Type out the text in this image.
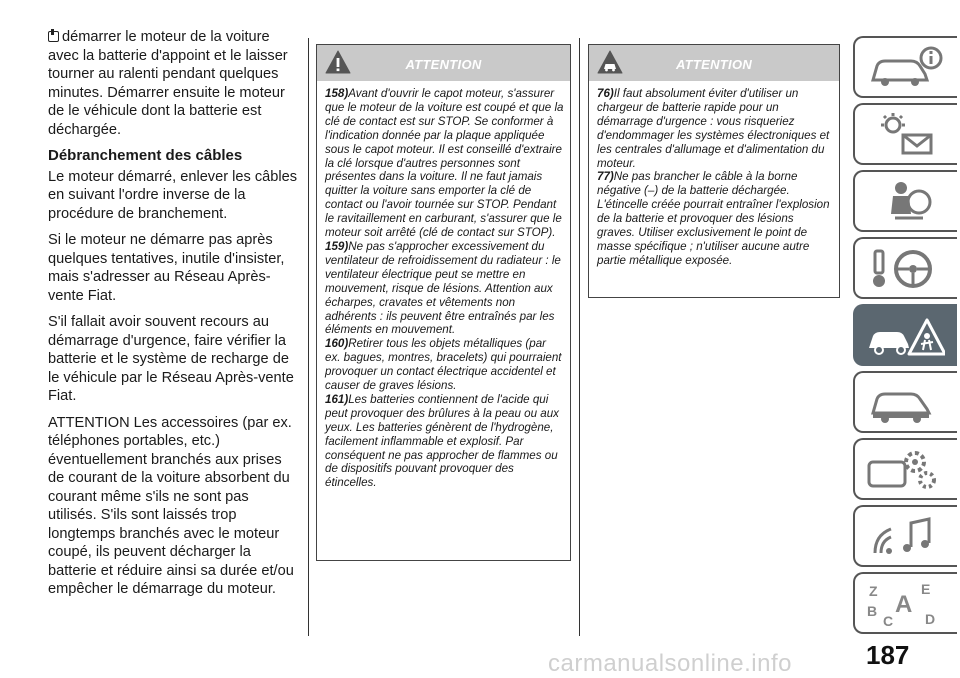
démarrer le moteur de la voiture avec la batterie d'appoint et le laisser tourner au ralenti pendant quelques minutes. Démarrer ensuite le moteur de le véhicule dont la batterie est déchargée.

Débranchement des câbles

Le moteur démarré, enlever les câbles en suivant l'ordre inverse de la procédure de branchement.

Si le moteur ne démarre pas après quelques tentatives, inutile d'insister, mais s'adresser au Réseau Après-vente Fiat.

S'il fallait avoir souvent recours au démarrage d'urgence, faire vérifier la batterie et le système de recharge de le véhicule par le Réseau Après-vente Fiat.

ATTENTION Les accessoires (par ex. téléphones portables, etc.) éventuellement branchés aux prises de courant de la voiture absorbent du courant même s'ils ne sont pas utilisés. S'ils sont laissés trop longtemps branchés avec le moteur coupé, ils peuvent décharger la batterie et réduire ainsi sa durée et/ou empêcher le démarrage du moteur.

ATTENTION

158)Avant d'ouvrir le capot moteur, s'assurer que le moteur de la voiture est coupé et que la clé de contact est sur STOP. Se conformer à l'indication donnée par la plaque appliquée sous le capot moteur. Il est conseillé d'extraire la clé lorsque d'autres personnes sont présentes dans la voiture. Il ne faut jamais quitter la voiture sans emporter la clé de contact ou l'avoir tournée sur STOP. Pendant le ravitaillement en carburant, s'assurer que le moteur soit arrêté (clé de contact sur STOP).

159)Ne pas s'approcher excessivement du ventilateur de refroidissement du radiateur : le ventilateur électrique peut se mettre en mouvement, risque de lésions. Attention aux écharpes, cravates et vêtements non adhérents : ils peuvent être entraînés par les éléments en mouvement.

160)Retirer tous les objets métalliques (par ex. bagues, montres, bracelets) qui pourraient provoquer un contact électrique accidentel et causer de graves lésions.

161)Les batteries contiennent de l'acide qui peut provoquer des brûlures à la peau ou aux yeux. Les batteries génèrent de l'hydrogène, facilement inflammable et explosif. Par conséquent ne pas approcher de flammes ou de dispositifs pouvant provoquer des étincelles.

ATTENTION

76)Il faut absolument éviter d'utiliser un chargeur de batterie rapide pour un démarrage d'urgence : vous risqueriez d'endommager les systèmes électroniques et les centrales d'allumage et d'alimentation du moteur.

77)Ne pas brancher le câble à la borne négative (–) de la batterie déchargée. L'étincelle créée pourrait entraîner l'explosion de la batterie et provoquer des lésions graves. Utiliser exclusivement le point de masse spécifique ; n'utiliser aucune autre partie métallique exposée.

Z	E
B A
C D
187
carmanualsonline.info
